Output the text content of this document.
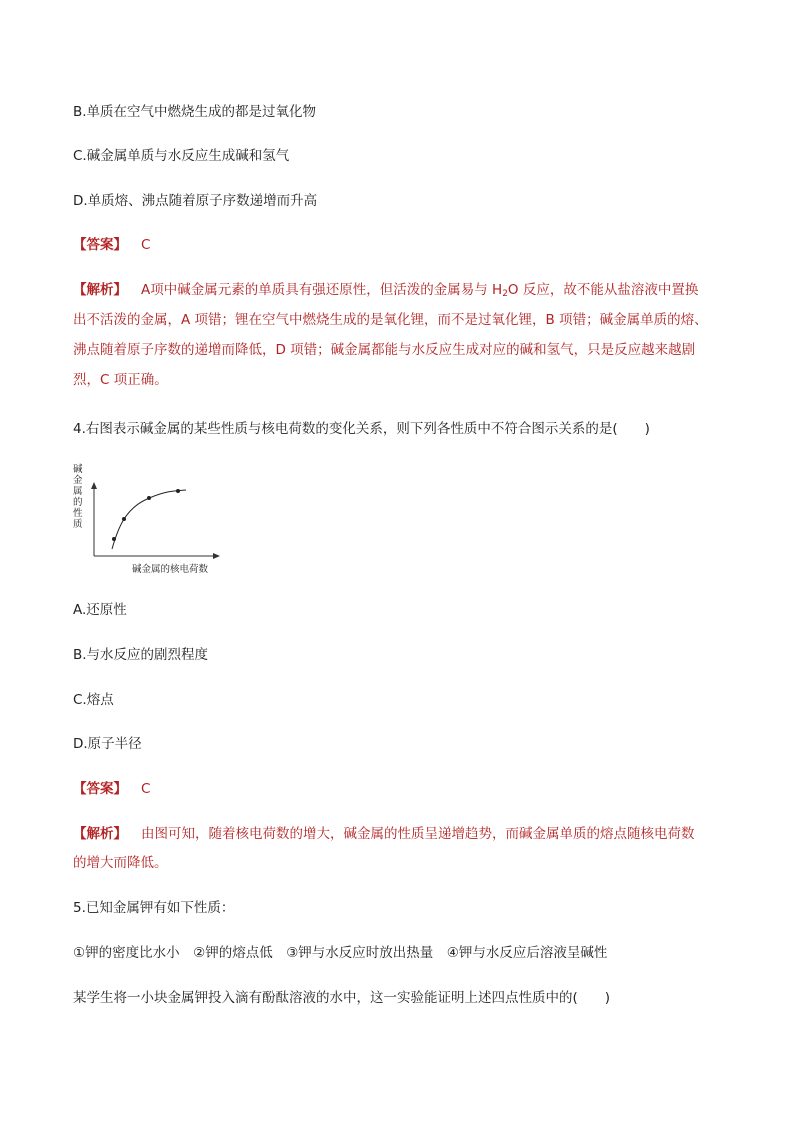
B.单质在空气中燃烧生成的都是过氧化物
C.碱金属单质与水反应生成碱和氢气
D.单质熔、沸点随着原子序数递增而升高
【答案】 C
【解析】 A项中碱金属元素的单质具有强还原性，但活泼的金属易与 $H_2O$ 反应，故不能从盐溶液中置换
出不活泼的金属，A 项错；锂在空气中燃烧生成的是氧化锂，而不是过氧化锂，B 项错；碱金属单质的熔、
沸点随着原子序数的递增而降低，D 项错；碱金属都能与水反应生成对应的碱和氢气，只是反应越来越剧
烈，C 项正确。
4.右图表示碱金属的某些性质与核电荷数的变化关系，则下列各性质中不符合图示关系的是(　　)
碱
金
属
的
性
质
碱金属的核电荷数
A.还原性
B.与水反应的剧烈程度
C.熔点
D.原子半径
【答案】 C
【解析】 由图可知，随着核电荷数的增大，碱金属的性质呈递增趋势，而碱金属单质的熔点随核电荷数
的增大而降低。
5.已知金属钾有如下性质：
①钾的密度比水小　②钾的熔点低　③钾与水反应时放出热量　④钾与水反应后溶液呈碱性
某学生将一小块金属钾投入滴有酚酞溶液的水中，这一实验能证明上述四点性质中的(　　)
